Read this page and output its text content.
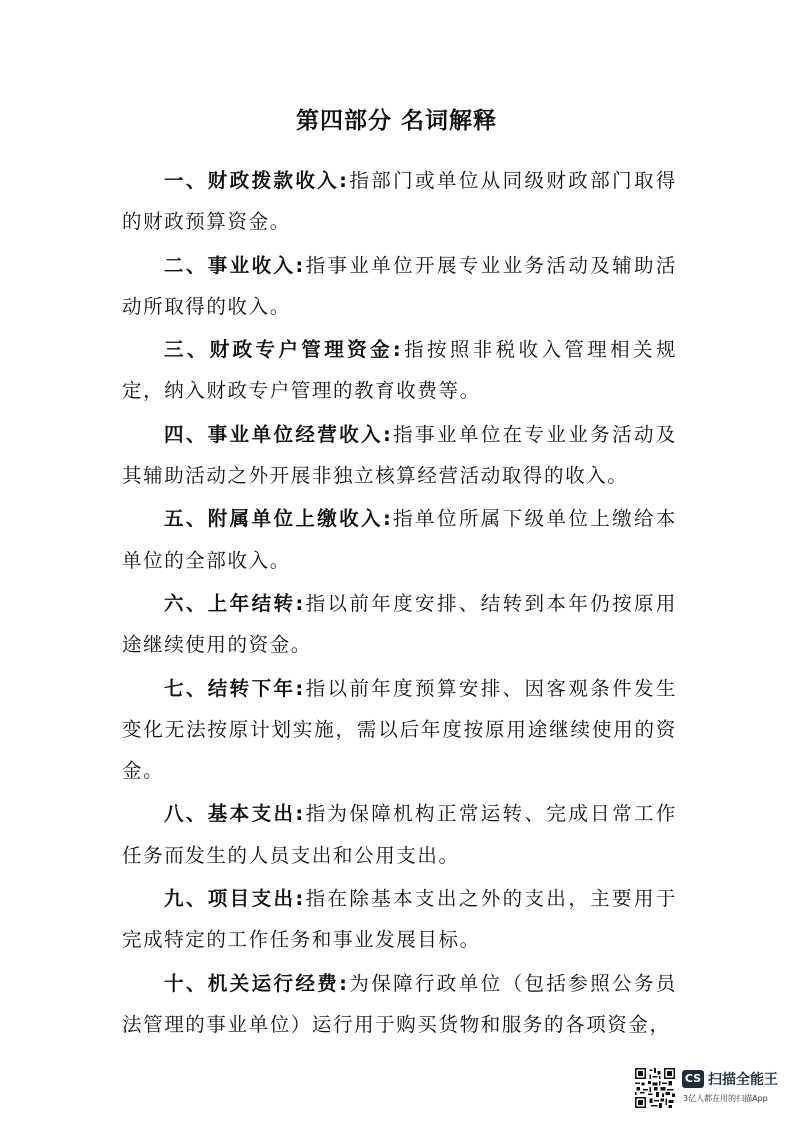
第四部分 名词解释

一、财政拨款收入:指部门或单位从同级财政部门取得的财政预算资金。

二、事业收入:指事业单位开展专业业务活动及辅助活动所取得的收入。

三、财政专户管理资金:指按照非税收入管理相关规定，纳入财政专户管理的教育收费等。

四、事业单位经营收入:指事业单位在专业业务活动及其辅助活动之外开展非独立核算经营活动取得的收入。

五、附属单位上缴收入:指单位所属下级单位上缴给本单位的全部收入。

六、上年结转:指以前年度安排、结转到本年仍按原用途继续使用的资金。

七、结转下年:指以前年度预算安排、因客观条件发生变化无法按原计划实施，需以后年度按原用途继续使用的资金。

八、基本支出:指为保障机构正常运转、完成日常工作任务而发生的人员支出和公用支出。

九、项目支出:指在除基本支出之外的支出，主要用于完成特定的工作任务和事业发展目标。

十、机关运行经费:为保障行政单位（包括参照公务员法管理的事业单位）运行用于购买货物和服务的各项资金，

CS 扫描全能王
3亿人都在用的扫描App
